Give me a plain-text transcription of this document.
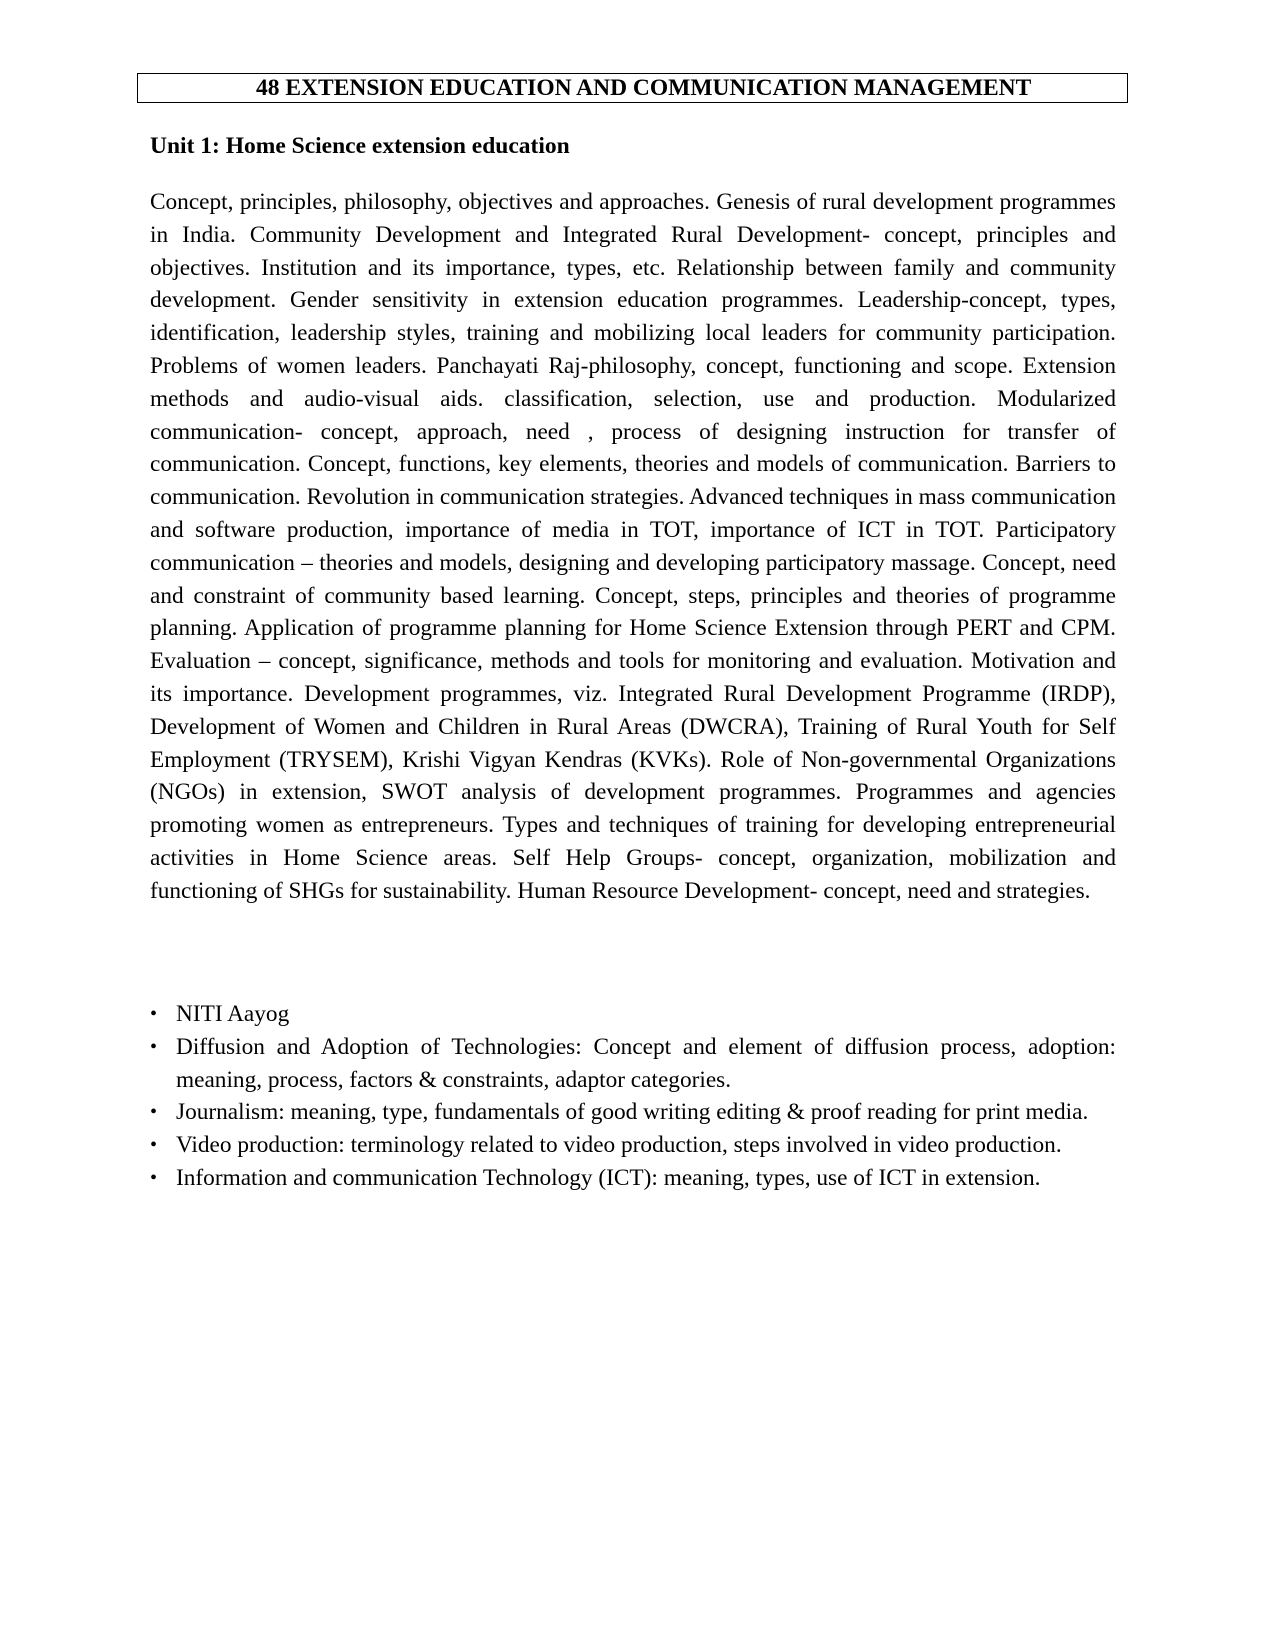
48 EXTENSION EDUCATION AND COMMUNICATION MANAGEMENT
Unit 1: Home Science extension education

Concept, principles, philosophy, objectives and approaches. Genesis of rural development programmes in India. Community Development and Integrated Rural Development- concept, principles and objectives. Institution and its importance, types, etc. Relationship between family and community development. Gender sensitivity in extension education programmes. Leadership-concept, types, identification, leadership styles, training and mobilizing local leaders for community participation. Problems of women leaders. Panchayati Raj-philosophy, concept, functioning and scope. Extension methods and audio-visual aids. classification, selection, use and production. Modularized communication- concept, approach, need , process of designing instruction for transfer of communication. Concept, functions, key elements, theories and models of communication. Barriers to communication. Revolution in communication strategies. Advanced techniques in mass communication and software production, importance of media in TOT, importance of ICT in TOT. Participatory communication – theories and models, designing and developing participatory massage. Concept, need and constraint of community based learning. Concept, steps, principles and theories of programme planning. Application of programme planning for Home Science Extension through PERT and CPM. Evaluation – concept, significance, methods and tools for monitoring and evaluation. Motivation and its importance. Development programmes, viz. Integrated Rural Development Programme (IRDP), Development of Women and Children in Rural Areas (DWCRA), Training of Rural Youth for Self Employment (TRYSEM), Krishi Vigyan Kendras (KVKs). Role of Non-governmental Organizations (NGOs) in extension, SWOT analysis of development programmes. Programmes and agencies promoting women as entrepreneurs. Types and techniques of training for developing entrepreneurial activities in Home Science areas. Self Help Groups- concept, organization, mobilization and functioning of SHGs for sustainability. Human Resource Development- concept, need and strategies.

• NITI Aayog
• Diffusion and Adoption of Technologies: Concept and element of diffusion process, adoption: meaning, process, factors & constraints, adaptor categories.
• Journalism: meaning, type, fundamentals of good writing editing & proof reading for print media.
• Video production: terminology related to video production, steps involved in video production.
• Information and communication Technology (ICT): meaning, types, use of ICT in extension.
